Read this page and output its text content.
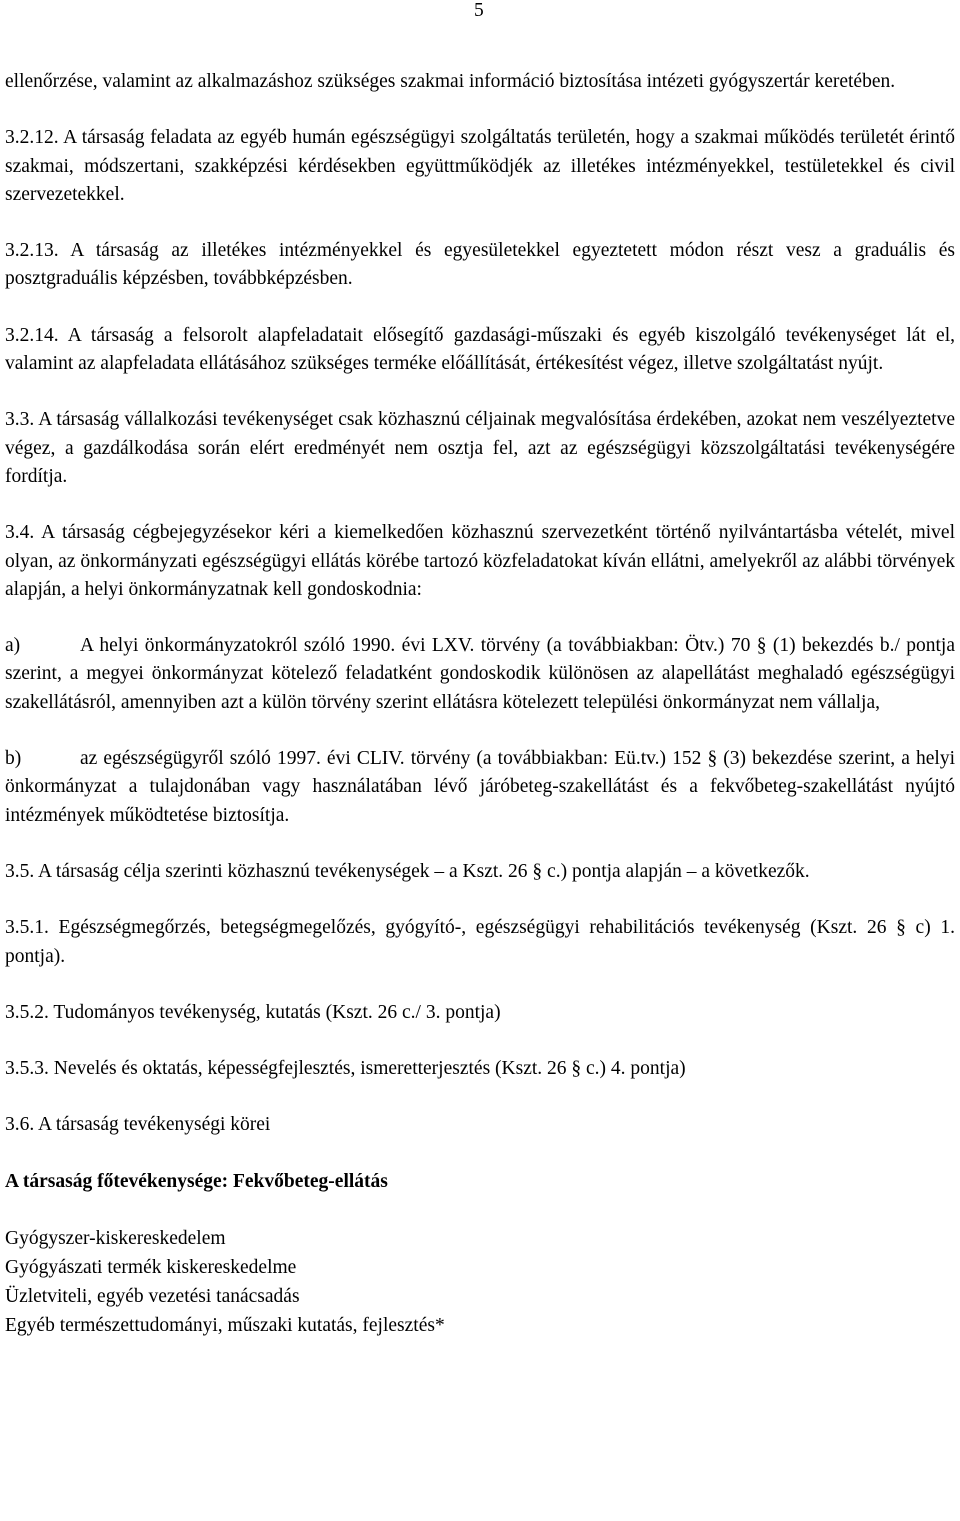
5

ellenőrzése, valamint az alkalmazáshoz szükséges szakmai információ biztosítása intézeti gyógyszertár keretében.

3.2.12. A társaság feladata az egyéb humán egészségügyi szolgáltatás területén, hogy a szakmai működés területét érintő szakmai, módszertani, szakképzési kérdésekben együttműködjék az illetékes intézményekkel, testületekkel és civil szervezetekkel.

3.2.13. A társaság az illetékes intézményekkel és egyesületekkel egyeztetett módon részt vesz a graduális és posztgraduális képzésben, továbbképzésben.

3.2.14. A társaság a felsorolt alapfeladatait elősegítő gazdasági-műszaki és egyéb kiszolgáló tevékenységet lát el, valamint az alapfeladata ellátásához szükséges terméke előállítását, értékesítést végez, illetve szolgáltatást nyújt.

3.3. A társaság vállalkozási tevékenységet csak közhasznú céljainak megvalósítása érdekében, azokat nem veszélyeztetve végez, a gazdálkodása során elért eredményét nem osztja fel, azt az egészségügyi közszolgáltatási tevékenységére fordítja.

3.4. A társaság cégbejegyzésekor kéri a kiemelkedően közhasznú szervezetként történő nyilvántartásba vételét, mivel olyan, az önkormányzati egészségügyi ellátás körébe tartozó közfeladatokat kíván ellátni, amelyekről az alábbi törvények alapján, a helyi önkormányzatnak kell gondoskodnia:

a)	A helyi önkormányzatokról szóló 1990. évi LXV. törvény (a továbbiakban: Ötv.) 70 § (1) bekezdés b./ pontja szerint, a megyei önkormányzat kötelező feladatként gondoskodik különösen az alapellátást meghaladó egészségügyi szakellátásról, amennyiben azt a külön törvény szerint ellátásra kötelezett települési önkormányzat nem vállalja,

b)	az egészségügyről szóló 1997. évi CLIV. törvény (a továbbiakban: Eü.tv.) 152 § (3) bekezdése szerint, a helyi önkormányzat a tulajdonában vagy használatában lévő járóbeteg-szakellátást és a fekvőbeteg-szakellátást nyújtó intézmények működtetése biztosítja.

3.5. A társaság célja szerinti közhasznú tevékenységek – a Kszt. 26 § c.) pontja alapján – a következők.

3.5.1. Egészségmegőrzés, betegségmegelőzés, gyógyító-, egészségügyi rehabilitációs tevékenység (Kszt. 26 § c) 1. pontja).

3.5.2. Tudományos tevékenység, kutatás (Kszt. 26 c./ 3. pontja)

3.5.3. Nevelés és oktatás, képességfejlesztés, ismeretterjesztés (Kszt. 26 § c.) 4. pontja)

3.6. A társaság tevékenységi körei

A társaság főtevékenysége: Fekvőbeteg-ellátás

Gyógyszer-kiskereskedelem
Gyógyászati termék kiskereskedelme
Üzletviteli, egyéb vezetési tanácsadás
Egyéb természettudományi, műszaki kutatás, fejlesztés*
